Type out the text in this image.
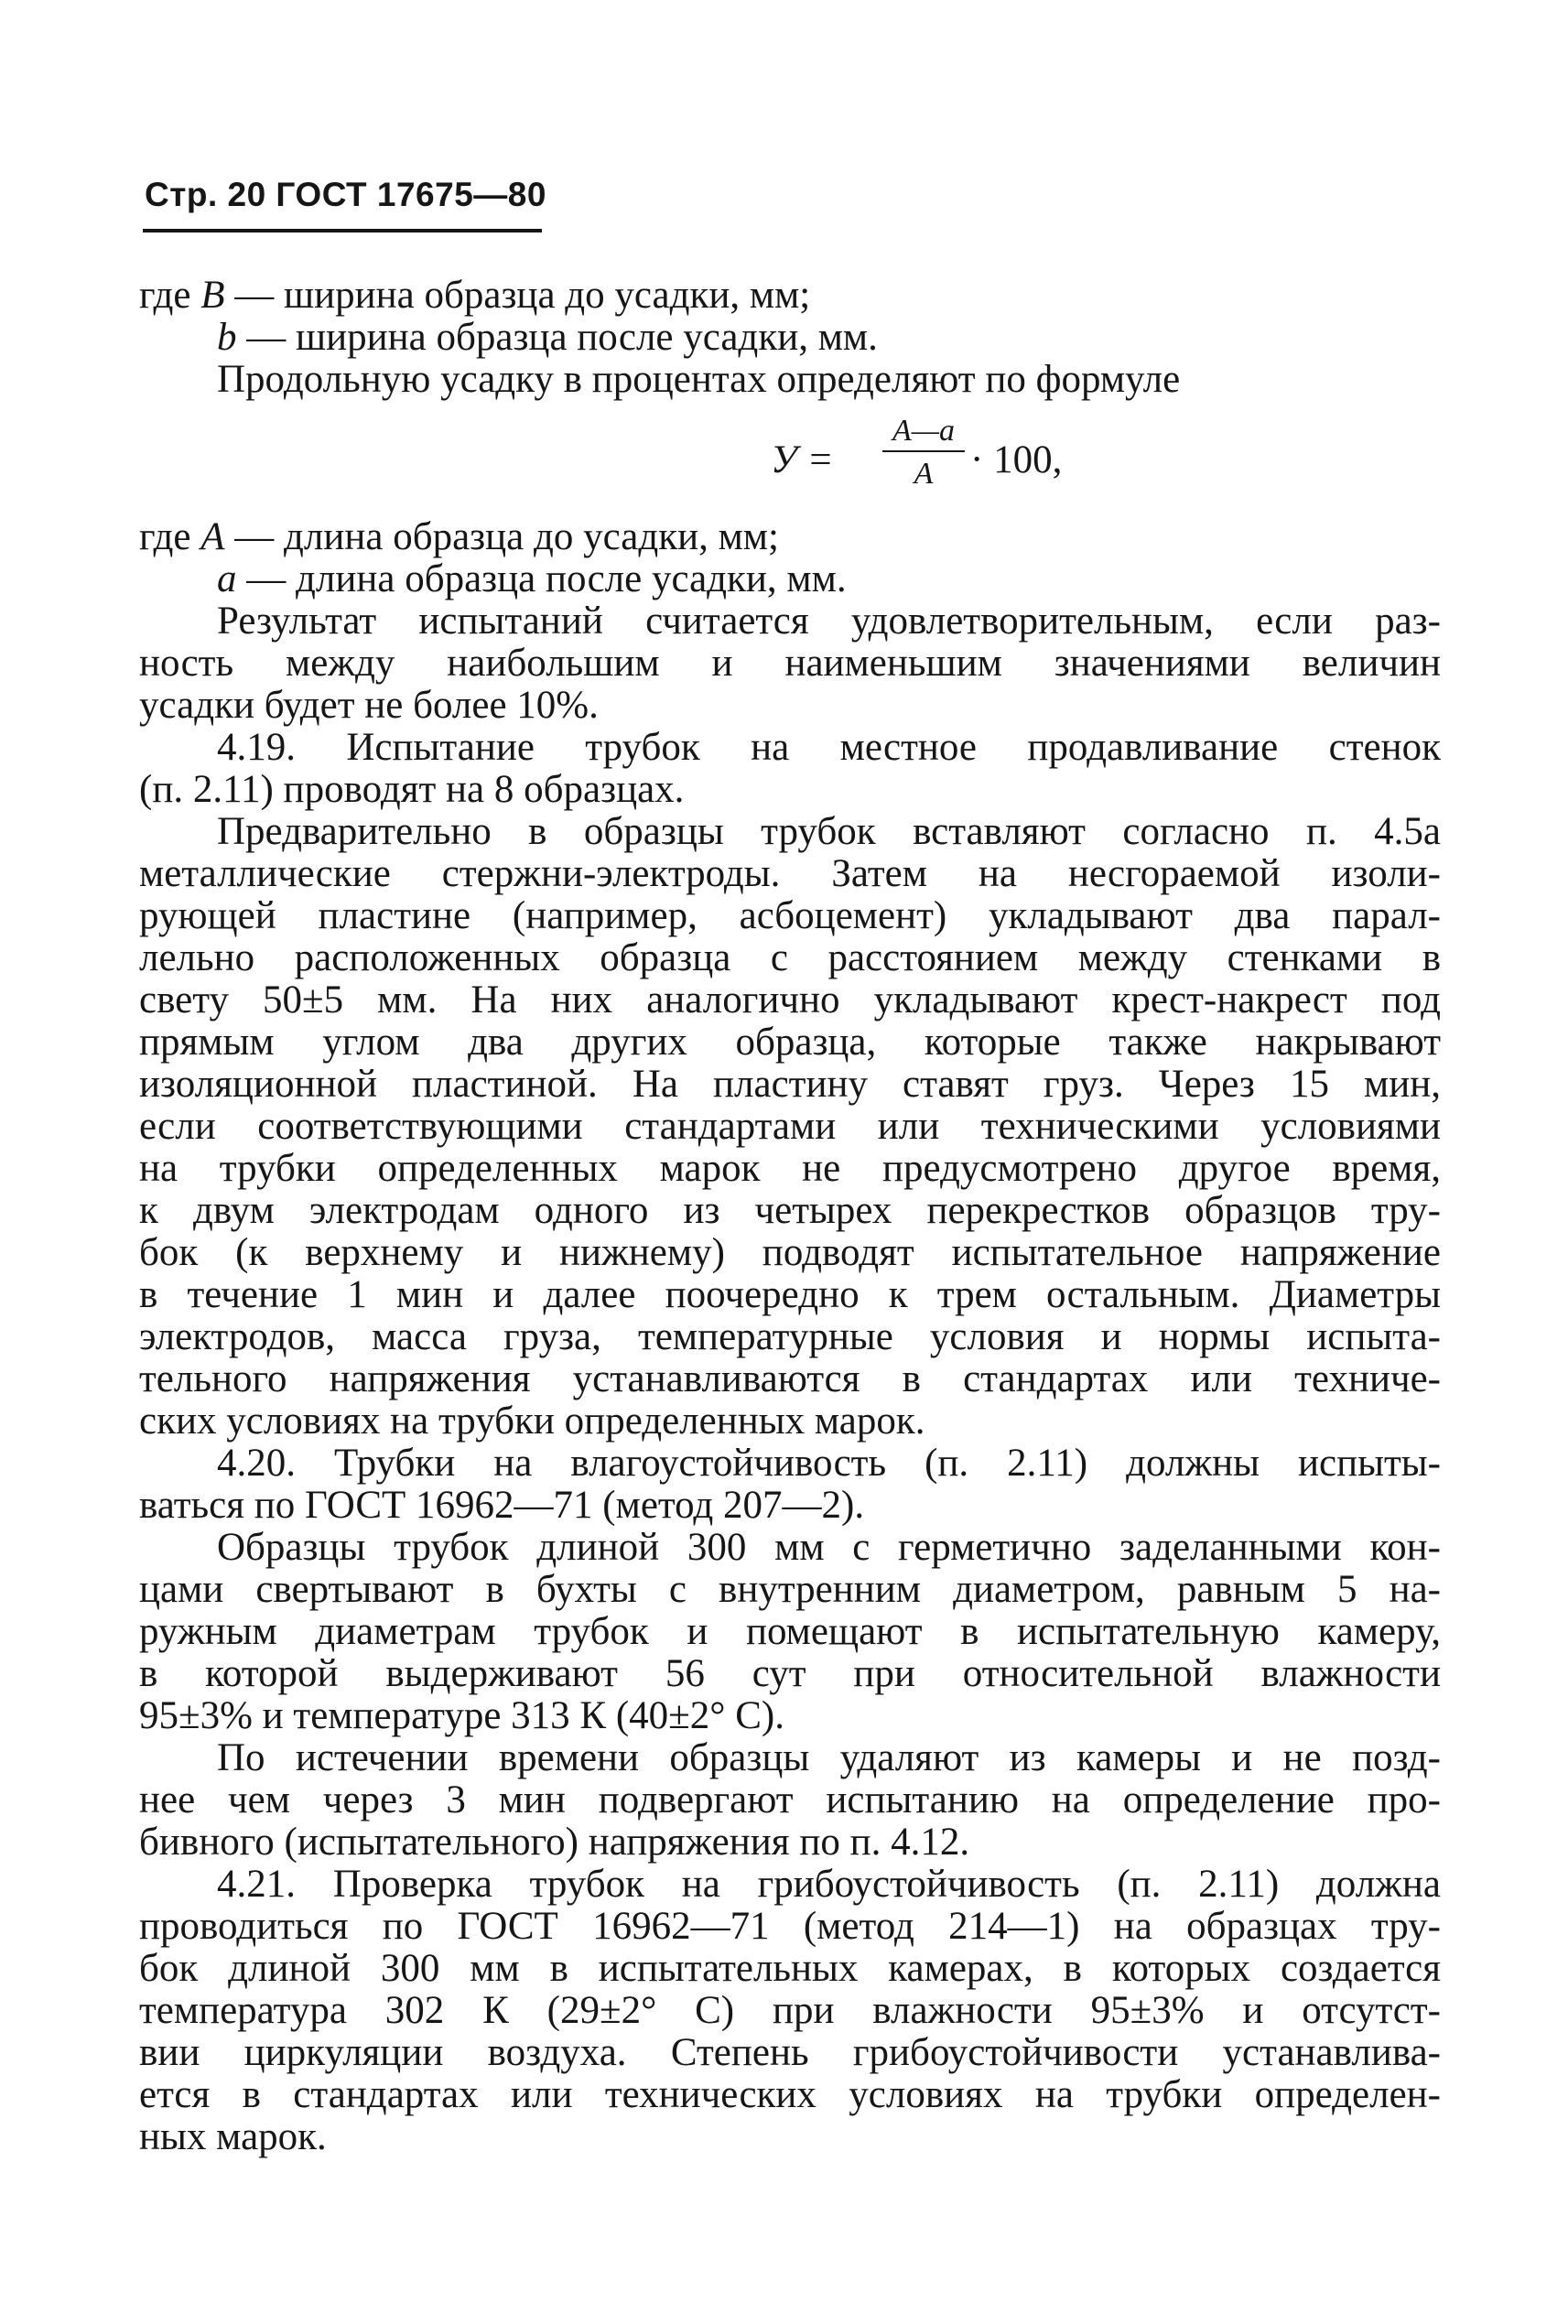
Стр. 20 ГОСТ 17675—80
где В — ширина образца до усадки, мм;
b — ширина образца после усадки, мм.
Продольную усадку в процентах определяют по формуле
У =
А—а
А · 100,
где А — длина образца до усадки, мм;
а — длина образца после усадки, мм.
Результат испытаний считается удовлетворительным, если раз-
ность между наибольшим и наименьшим значениями величин
усадки будет не более 10%.
4.19. Испытание трубок на местное продавливание стенок
(п. 2.11) проводят на 8 образцах.
Предварительно в образцы трубок вставляют согласно п. 4.5а
металлические стержни-электроды. Затем на несгораемой изоли-
рующей пластине (например, асбоцемент) укладывают два парал-
лельно расположенных образца с расстоянием между стенками в
свету 50±5 мм. На них аналогично укладывают крест-накрест под
прямым углом два других образца, которые также накрывают
изоляционной пластиной. На пластину ставят груз. Через 15 мин,
если соответствующими стандартами или техническими условиями
на трубки определенных марок не предусмотрено другое время,
к двум электродам одного из четырех перекрестков образцов тру-
бок (к верхнему и нижнему) подводят испытательное напряжение
в течение 1 мин и далее поочередно к трем остальным. Диаметры
электродов, масса груза, температурные условия и нормы испыта-
тельного напряжения устанавливаются в стандартах или техниче-
ских условиях на трубки определенных марок.
4.20. Трубки на влагоустойчивость (п. 2.11) должны испыты-
ваться по ГОСТ 16962—71 (метод 207—2).
Образцы трубок длиной 300 мм с герметично заделанными кон-
цами свертывают в бухты с внутренним диаметром, равным 5 на-
ружным диаметрам трубок и помещают в испытательную камеру,
в которой выдерживают 56 сут при относительной влажности
95±3% и температуре 313 К (40±2° С).
По истечении времени образцы удаляют из камеры и не позд-
нее чем через 3 мин подвергают испытанию на определение про-
бивного (испытательного) напряжения по п. 4.12.
4.21. Проверка трубок на грибоустойчивость (п. 2.11) должна
проводиться по ГОСТ 16962—71 (метод 214—1) на образцах тру-
бок длиной 300 мм в испытательных камерах, в которых создается
температура 302 К (29±2° С) при влажности 95±3% и отсутст-
вии циркуляции воздуха. Степень грибоустойчивости устанавлива-
ется в стандартах или технических условиях на трубки определен-
ных марок.
